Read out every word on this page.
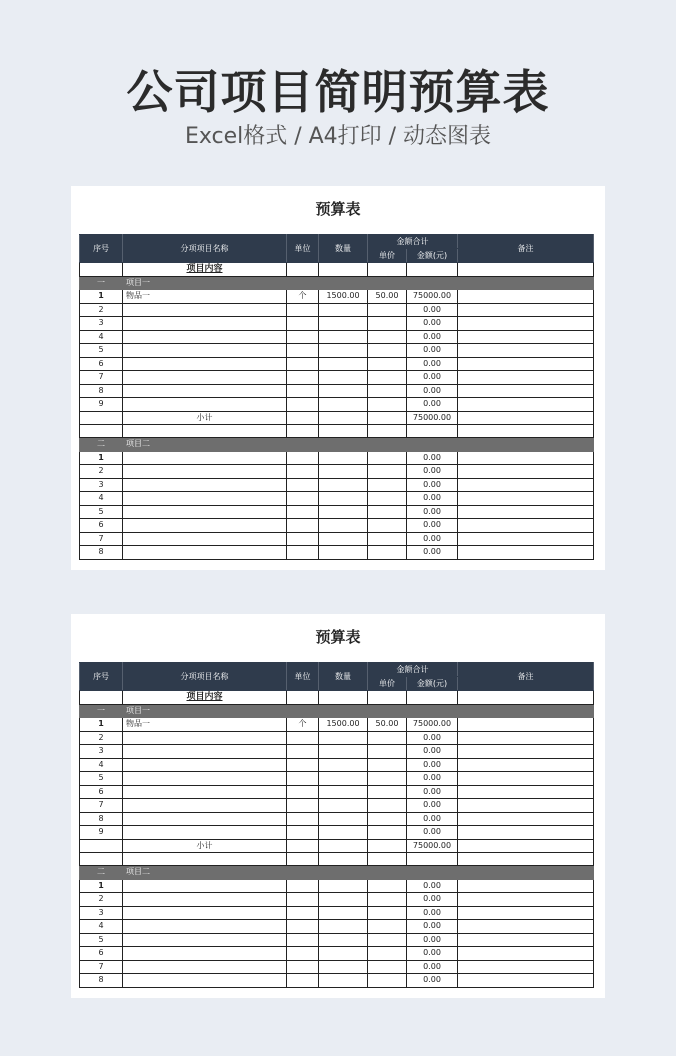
公司项目简明预算表
Excel格式 / A4打印 / 动态图表
预算表
序号	分项项目名称	单位	数量	金额合计		备注
				单价	金额(元)	
	项目内容					
一	项目一					
1	物品一	个	1500.00	50.00	75000.00	
2					0.00	
3					0.00	
4					0.00	
5					0.00	
6					0.00	
7					0.00	
8					0.00	
9					0.00	
	小计				75000.00	

二	项目二					
1					0.00	
2					0.00	
3					0.00	
4					0.00	
5					0.00	
6					0.00	
7					0.00	
8					0.00	
预算表
序号	分项项目名称	单位	数量	金额合计		备注
				单价	金额(元)	
	项目内容					
一	项目一					
1	物品一	个	1500.00	50.00	75000.00	
2					0.00	
3					0.00	
4					0.00	
5					0.00	
6					0.00	
7					0.00	
8					0.00	
9					0.00	
	小计				75000.00	

二	项目二					
1					0.00	
2					0.00	
3					0.00	
4					0.00	
5					0.00	
6					0.00	
7					0.00	
8					0.00	
